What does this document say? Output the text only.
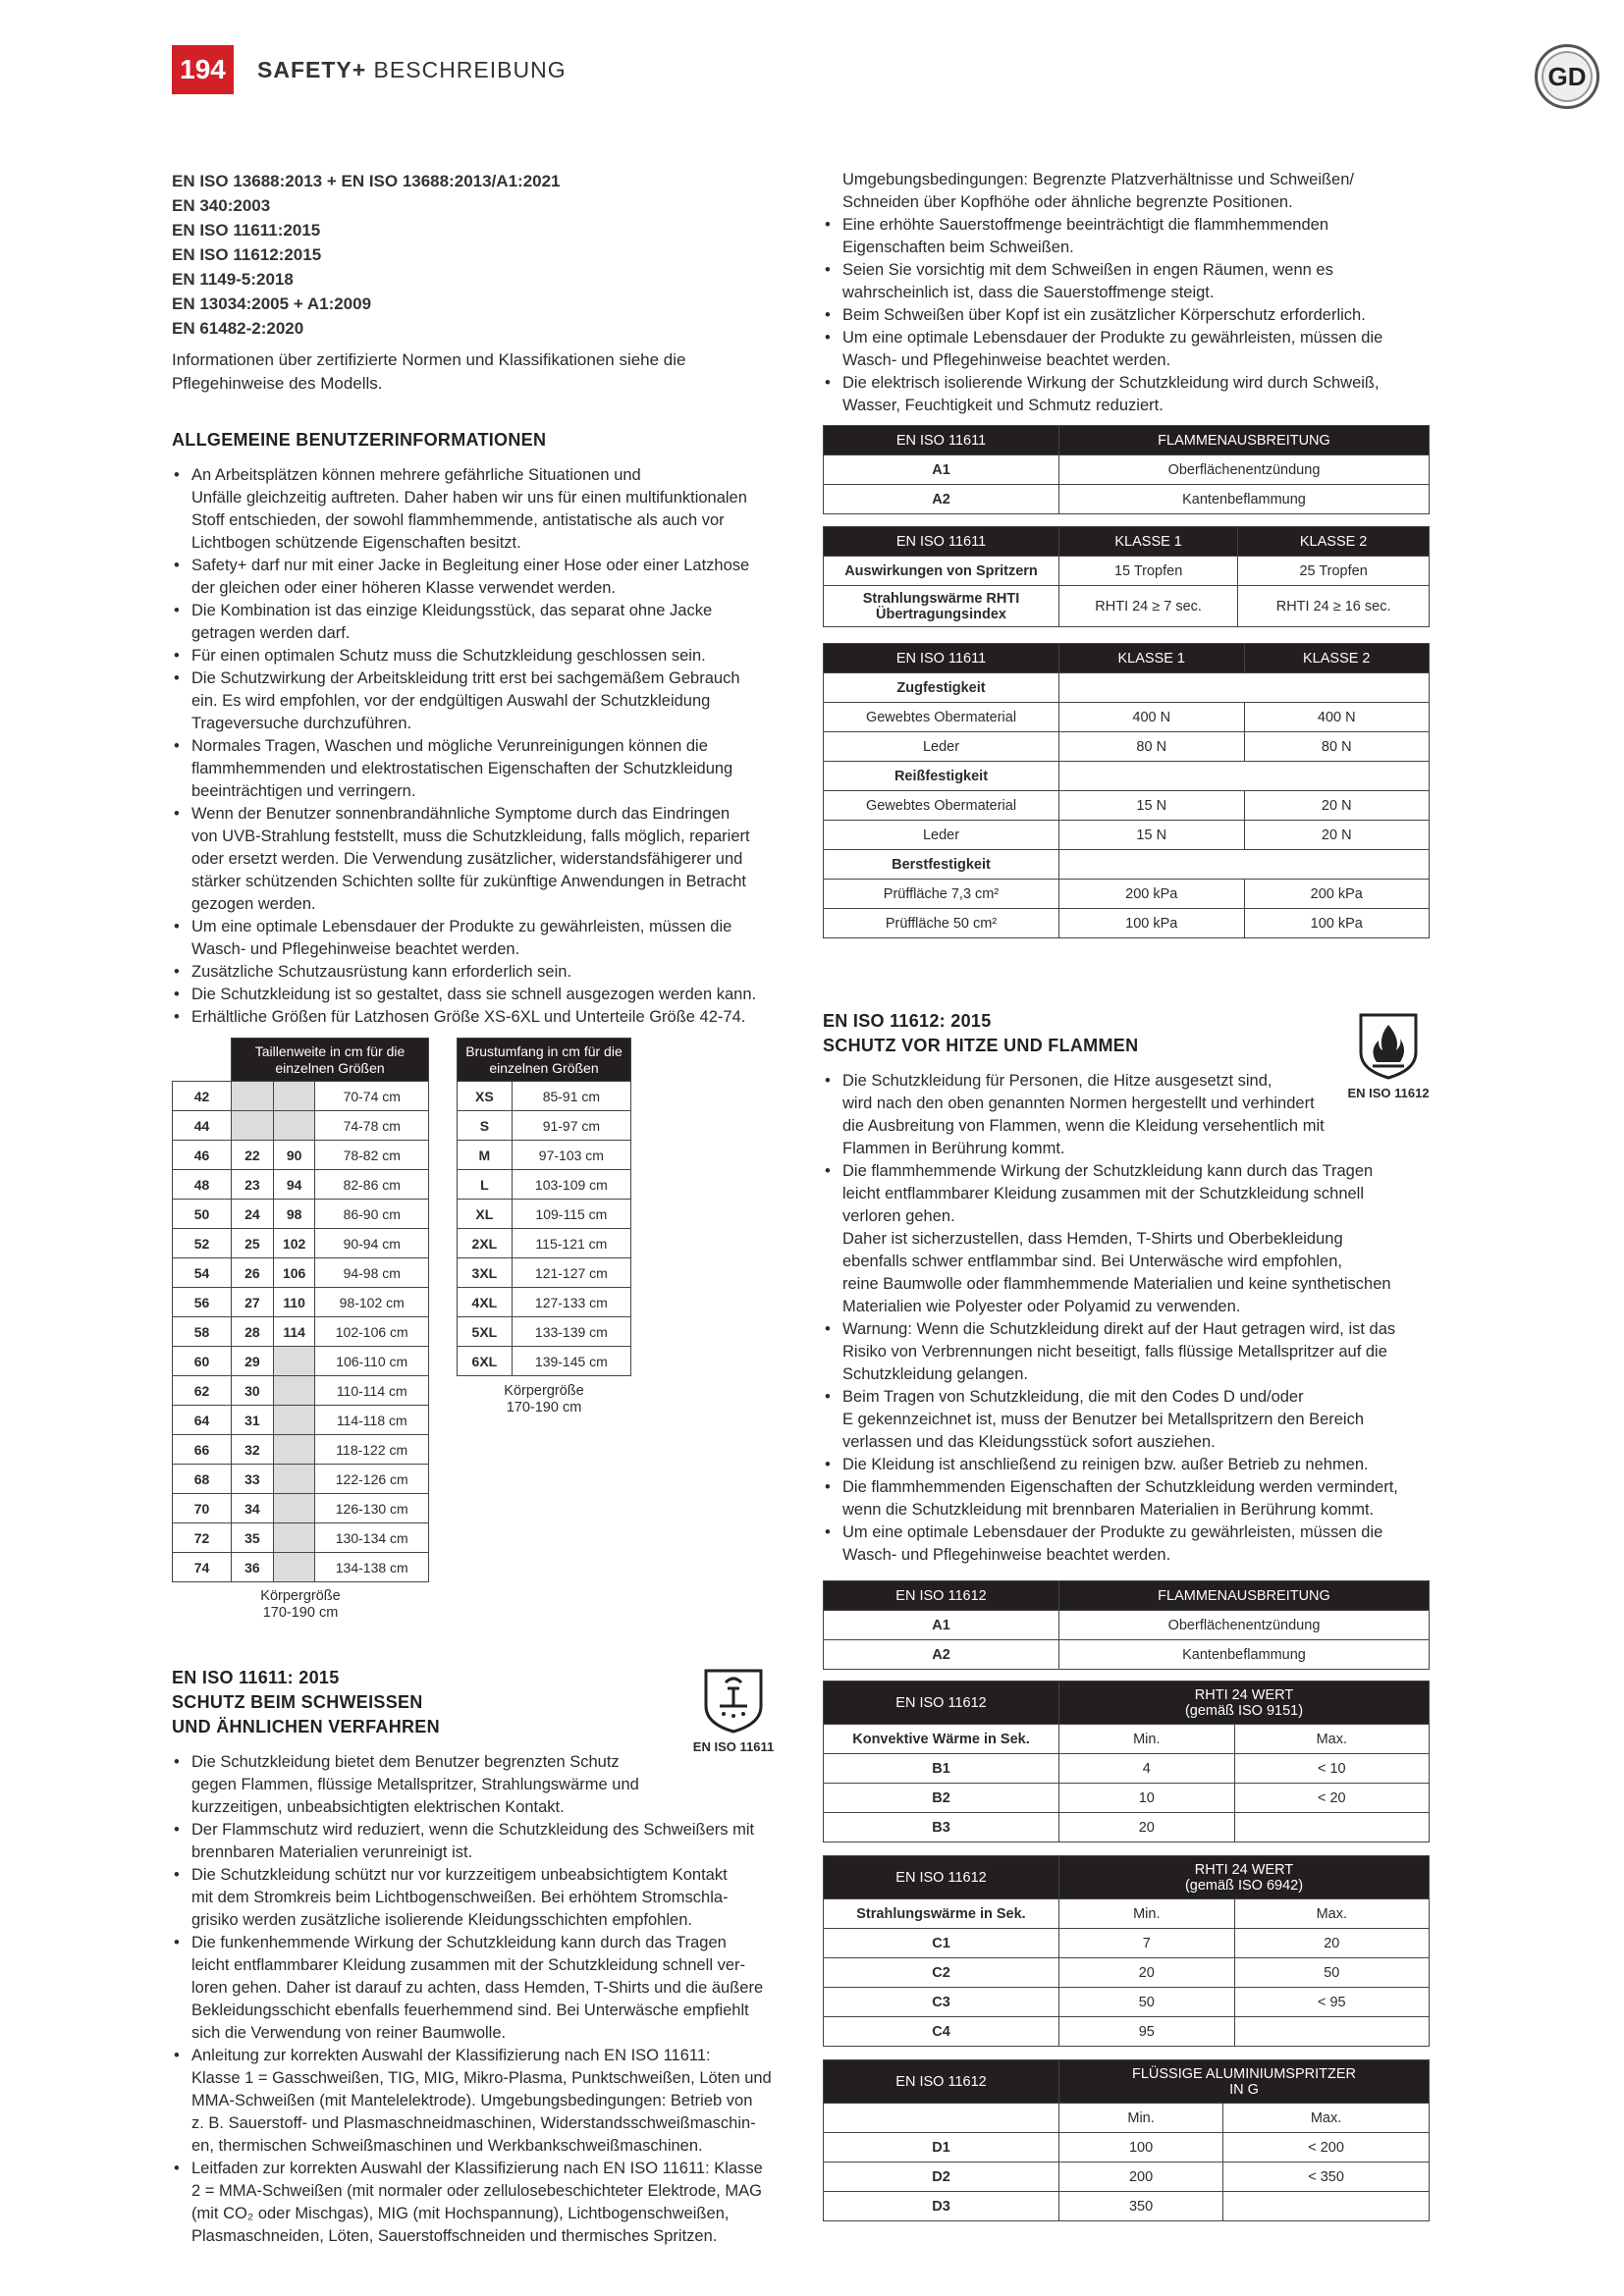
194	SAFETY+ BESCHREIBUNG	GD
EN ISO 13688:2013 + EN ISO 13688:2013/A1:2021
EN 340:2003
EN ISO 11611:2015
EN ISO 11612:2015
EN 1149-5:2018
EN 13034:2005 + A1:2009
EN 61482-2:2020

Informationen über zertifizierte Normen und Klassifikationen siehe die Pflegehinweise des Modells.

ALLGEMEINE BENUTZERINFORMATIONEN
• An Arbeitsplätzen können mehrere gefährliche Situationen und
Unfälle gleichzeitig auftreten. Daher haben wir uns für einen multifunktionalen
Stoff entschieden, der sowohl flammhemmende, antistatische als auch vor
Lichtbogen schützende Eigenschaften besitzt.
• Safety+ darf nur mit einer Jacke in Begleitung einer Hose oder einer Latzhose
der gleichen oder einer höheren Klasse verwendet werden.
• Die Kombination ist das einzige Kleidungsstück, das separat ohne Jacke
getragen werden darf.
• Für einen optimalen Schutz muss die Schutzkleidung geschlossen sein.
• Die Schutzwirkung der Arbeitskleidung tritt erst bei sachgemäßem Gebrauch
ein. Es wird empfohlen, vor der endgültigen Auswahl der Schutzkleidung
Trageversuche durchzuführen.
• Normales Tragen, Waschen und mögliche Verunreinigungen können die
flammhemmenden und elektrostatischen Eigenschaften der Schutzkleidung
beeinträchtigen und verringern.
• Wenn der Benutzer sonnenbrandähnliche Symptome durch das Eindringen
von UVB-Strahlung feststellt, muss die Schutzkleidung, falls möglich, repariert
oder ersetzt werden. Die Verwendung zusätzlicher, widerstandsfähigerer und
stärker schützenden Schichten sollte für zukünftige Anwendungen in Betracht
gezogen werden.
• Um eine optimale Lebensdauer der Produkte zu gewährleisten, müssen die
Wasch- und Pflegehinweise beachtet werden.
• Zusätzliche Schutzausrüstung kann erforderlich sein.
• Die Schutzkleidung ist so gestaltet, dass sie schnell ausgezogen werden kann.
• Erhältliche Größen für Latzhosen Größe XS-6XL und Unterteile Größe 42-74.
	Taillenweite in cm für die einzelnen Größen		
42			70-74 cm
44			74-78 cm
46	22	90	78-82 cm
48	23	94	82-86 cm
50	24	98	86-90 cm
52	25	102	90-94 cm
54	26	106	94-98 cm
56	27	110	98-102 cm
58	28	114	102-106 cm
60	29		106-110 cm
62	30		110-114 cm
64	31		114-118 cm
66	32		118-122 cm
68	33		122-126 cm
70	34		126-130 cm
72	35		130-134 cm
74	36		134-138 cm
Körpergröße 170-190 cm
Brustumfang in cm für die einzelnen Größen	
XS	85-91 cm
S	91-97 cm
M	97-103 cm
L	103-109 cm
XL	109-115 cm
2XL	115-121 cm
3XL	121-127 cm
4XL	127-133 cm
5XL	133-139 cm
6XL	139-145 cm
Körpergröße 170-190 cm
EN ISO 11611: 2015
SCHUTZ BEIM SCHWEISSEN
UND ÄHNLICHEN VERFAHREN
• Die Schutzkleidung bietet dem Benutzer begrenzten Schutz
gegen Flammen, flüssige Metallspritzer, Strahlungswärme und
kurzzeitigen, unbeabsichtigten elektrischen Kontakt.
• Der Flammschutz wird reduziert, wenn die Schutzkleidung des Schweißers mit
brennbaren Materialien verunreinigt ist.
• Die Schutzkleidung schützt nur vor kurzzeitigem unbeabsichtigtem Kontakt
mit dem Stromkreis beim Lichtbogenschweißen. Bei erhöhtem Stromschla-
grisiko werden zusätzliche isolierende Kleidungsschichten empfohlen.
• Die funkenhemmende Wirkung der Schutzkleidung kann durch das Tragen
leicht entflammbarer Kleidung zusammen mit der Schutzkleidung schnell ver-
loren gehen. Daher ist darauf zu achten, dass Hemden, T-Shirts und die äußere
Bekleidungsschicht ebenfalls feuerhemmend sind. Bei Unterwäsche empfiehlt
sich die Verwendung von reiner Baumwolle.
• Anleitung zur korrekten Auswahl der Klassifizierung nach EN ISO 11611:
Klasse 1 = Gasschweißen, TIG, MIG, Mikro-Plasma, Punktschweißen, Löten und
MMA-Schweißen (mit Mantelelektrode). Umgebungsbedingungen: Betrieb von
z. B. Sauerstoff- und Plasmaschneidmaschinen, Widerstandsschweißmaschin-
en, thermischen Schweißmaschinen und Werkbankschweißmaschinen.
• Leitfaden zur korrekten Auswahl der Klassifizierung nach EN ISO 11611: Klasse
2 = MMA-Schweißen (mit normaler oder zellulosebeschichteter Elektrode, MAG
(mit CO₂ oder Mischgas), MIG (mit Hochspannung), Lichtbogenschweißen,
Plasmaschneiden, Löten, Sauerstoffschneiden und thermisches Spritzen.
EN ISO 11611
Umgebungsbedingungen: Begrenzte Platzverhältnisse und Schweißen/
Schneiden über Kopfhöhe oder ähnliche begrenzte Positionen.
• Eine erhöhte Sauerstoffmenge beeinträchtigt die flammhemmenden
Eigenschaften beim Schweißen.
• Seien Sie vorsichtig mit dem Schweißen in engen Räumen, wenn es
wahrscheinlich ist, dass die Sauerstoffmenge steigt.
• Beim Schweißen über Kopf ist ein zusätzlicher Körperschutz erforderlich.
• Um eine optimale Lebensdauer der Produkte zu gewährleisten, müssen die
Wasch- und Pflegehinweise beachtet werden.
• Die elektrisch isolierende Wirkung der Schutzkleidung wird durch Schweiß,
Wasser, Feuchtigkeit und Schmutz reduziert.
EN ISO 11611	FLAMMENAUSBREITUNG
A1	Oberflächenentzündung
A2	Kantenbeflammung
EN ISO 11611	KLASSE 1	KLASSE 2
Auswirkungen von Spritzern	15 Tropfen	25 Tropfen
Strahlungswärme RHTI Übertragungsindex	RHTI 24 ≥ 7 sec.	RHTI 24 ≥ 16 sec.
EN ISO 11611	KLASSE 1	KLASSE 2
Zugfestigkeit		
Gewebtes Obermaterial	400 N	400 N
Leder	80 N	80 N
Reißfestigkeit		
Gewebtes Obermaterial	15 N	20 N
Leder	15 N	20 N
Berstfestigkeit		
Prüffläche 7,3 cm²	200 kPa	200 kPa
Prüffläche 50 cm²	100 kPa	100 kPa
EN ISO 11612: 2015
SCHUTZ VOR HITZE UND FLAMMEN
• Die Schutzkleidung für Personen, die Hitze ausgesetzt sind,
wird nach den oben genannten Normen hergestellt und verhindert
die Ausbreitung von Flammen, wenn die Kleidung versehentlich mit
Flammen in Berührung kommt.
• Die flammhemmende Wirkung der Schutzkleidung kann durch das Tragen
leicht entflammbarer Kleidung zusammen mit der Schutzkleidung schnell
verloren gehen.
Daher ist sicherzustellen, dass Hemden, T-Shirts und Oberbekleidung
ebenfalls schwer entflammbar sind. Bei Unterwäsche wird empfohlen,
reine Baumwolle oder flammhemmende Materialien und keine synthetischen
Materialien wie Polyester oder Polyamid zu verwenden.
• Warnung: Wenn die Schutzkleidung direkt auf der Haut getragen wird, ist das
Risiko von Verbrennungen nicht beseitigt, falls flüssige Metallspritzer auf die
Schutzkleidung gelangen.
• Beim Tragen von Schutzkleidung, die mit den Codes D und/oder
E gekennzeichnet ist, muss der Benutzer bei Metallspritzern den Bereich
verlassen und das Kleidungsstück sofort ausziehen.
• Die Kleidung ist anschließend zu reinigen bzw. außer Betrieb zu nehmen.
• Die flammhemmenden Eigenschaften der Schutzkleidung werden vermindert,
wenn die Schutzkleidung mit brennbaren Materialien in Berührung kommt.
• Um eine optimale Lebensdauer der Produkte zu gewährleisten, müssen die
Wasch- und Pflegehinweise beachtet werden.
EN ISO 11612
EN ISO 11612	FLAMMENAUSBREITUNG
A1	Oberflächenentzündung
A2	Kantenbeflammung
EN ISO 11612	RHTI 24 WERT
(gemäß ISO 9151)	

Konvektive Wärme in Sek.	Min.	Max.
B1	4	< 10
B2	10	< 20
B3	20	
EN ISO 11612	RHTI 24 WERT
(gemäß ISO 6942)	

Strahlungswärme in Sek.	Min.	Max.
C1	7	20
C2	20	50
C3	50	< 95
C4	95	
EN ISO 11612	FLÜSSIGE ALUMINIUMSPRITZER
IN G	

	Min.	Max.
D1	100	< 200
D2	200	< 350
D3	350	
